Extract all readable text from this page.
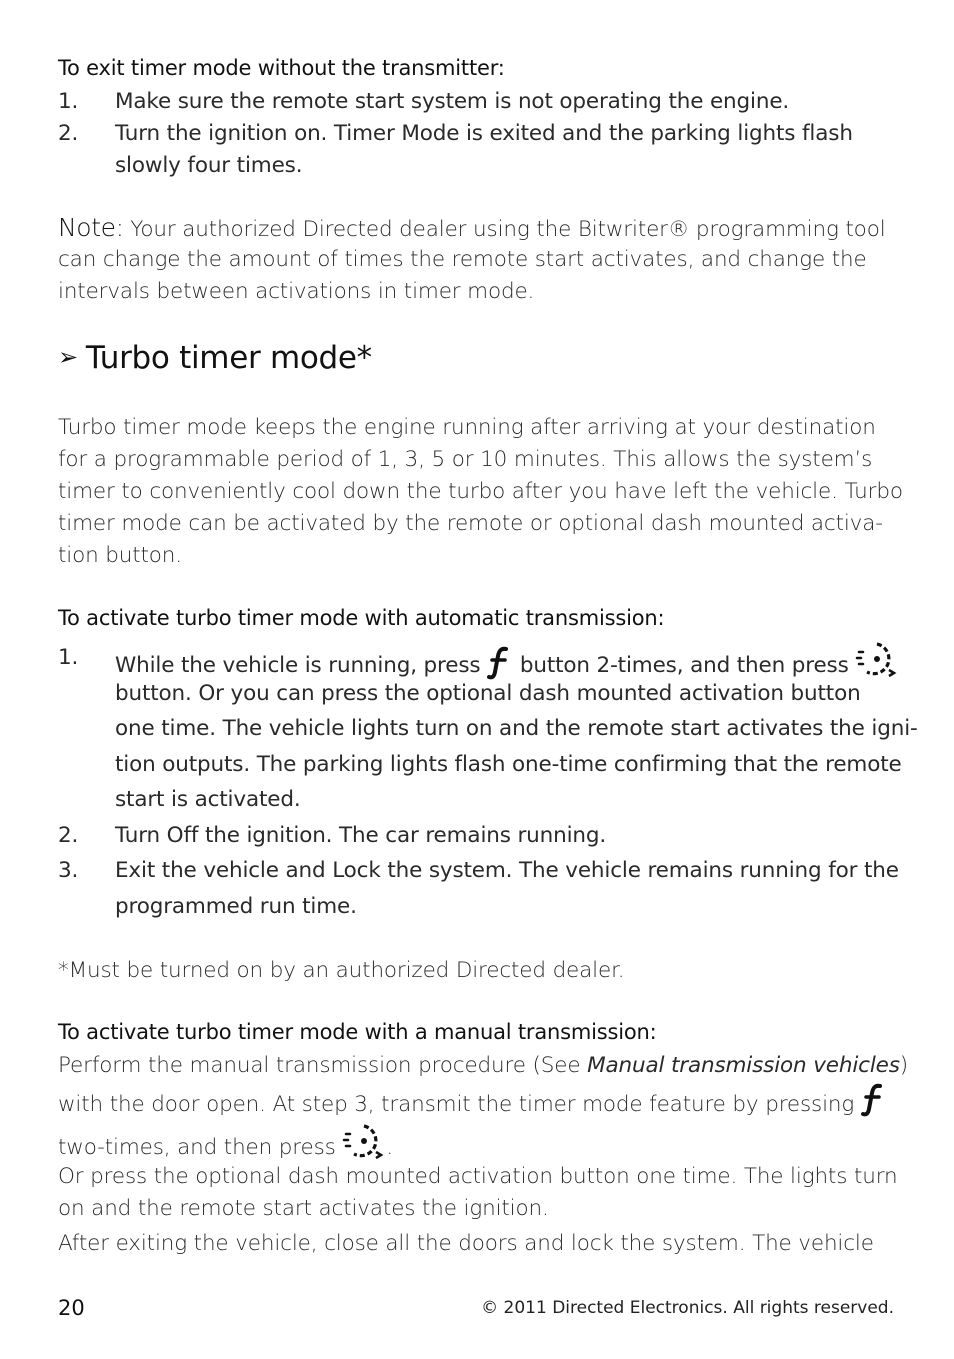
To exit timer mode without the transmitter:
1. Make sure the remote start system is not operating the engine.
2. Turn the ignition on. Timer Mode is exited and the parking lights flash
slowly four times.
Note: Your authorized Directed dealer using the Bitwriter® programming tool
can change the amount of times the remote start activates, and change the
intervals between activations in timer mode.
➢ Turbo timer mode*
Turbo timer mode keeps the engine running after arriving at your destination
for a programmable period of 1, 3, 5 or 10 minutes. This allows the system’s
timer to conveniently cool down the turbo after you have left the vehicle. Turbo
timer mode can be activated by the remote or optional dash mounted activa-
tion button.
To activate turbo timer mode with automatic transmission:
1. While the vehicle is running, press button 2-times, and then press
button. Or you can press the optional dash mounted activation button
one time. The vehicle lights turn on and the remote start activates the igni-
tion outputs. The parking lights flash one-time confirming that the remote
start is activated.
2. Turn Off the ignition. The car remains running.
3. Exit the vehicle and Lock the system. The vehicle remains running for the
programmed run time.
*Must be turned on by an authorized Directed dealer.
To activate turbo timer mode with a manual transmission:
Perform the manual transmission procedure (See Manual transmission vehicles)
with the door open. At step 3, transmit the timer mode feature by pressing
two-times, and then press .
Or press the optional dash mounted activation button one time. The lights turn
on and the remote start activates the ignition.
After exiting the vehicle, close all the doors and lock the system. The vehicle
20	© 2011 Directed Electronics. All rights reserved.
